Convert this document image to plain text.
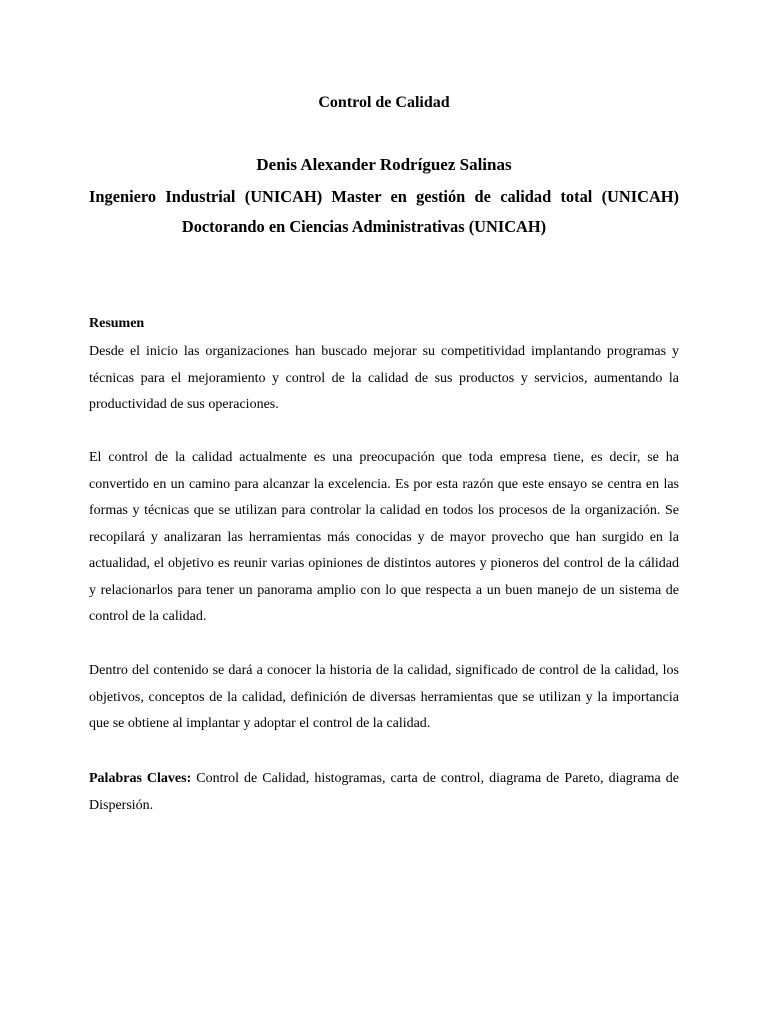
Control de Calidad
Denis Alexander Rodríguez Salinas
Ingeniero Industrial (UNICAH) Master en gestión de calidad total (UNICAH)
Doctorando en Ciencias Administrativas (UNICAH)
Resumen

Desde el inicio las organizaciones han buscado mejorar su competitividad implantando programas y técnicas para el mejoramiento y control de la calidad de sus productos y servicios, aumentando la productividad de sus operaciones.

El control de la calidad actualmente es una preocupación que toda empresa tiene, es decir, se ha convertido en un camino para alcanzar la excelencia. Es por esta razón que este ensayo se centra en las formas y técnicas que se utilizan para controlar la calidad en todos los procesos de la organización. Se recopilará y analizaran las herramientas más conocidas y de mayor provecho que han surgido en la actualidad, el objetivo es reunir varias opiniones de distintos autores y pioneros del control de la cálidad y relacionarlos para tener un panorama amplio con lo que respecta a un buen manejo de un sistema de control de la calidad.

Dentro del contenido se dará a conocer la historia de la calidad, significado de control de la calidad, los objetivos, conceptos de la calidad, definición de diversas herramientas que se utilizan y la importancia que se obtiene al implantar y adoptar el control de la calidad.

Palabras Claves: Control de Calidad, histogramas, carta de control, diagrama de Pareto, diagrama de Dispersión.
